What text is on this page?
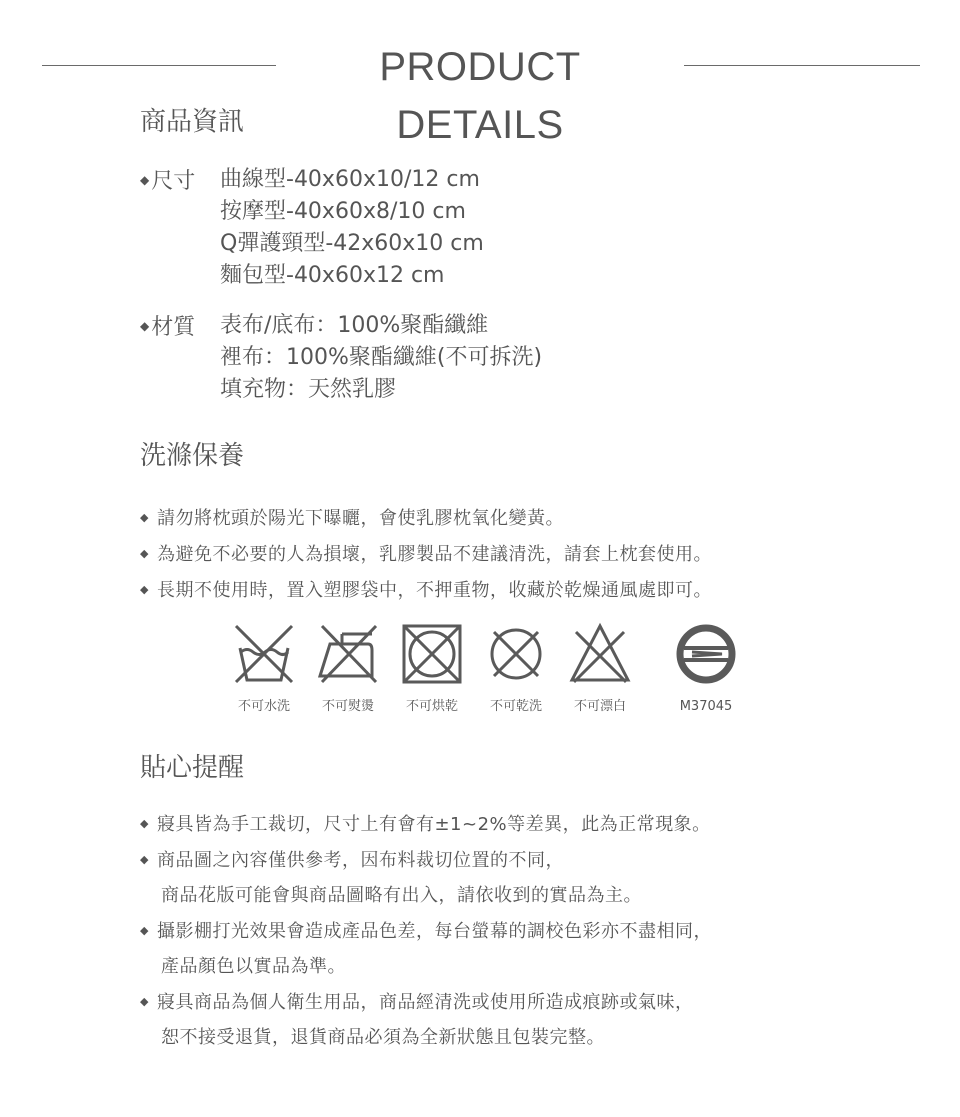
PRODUCT DETAILS
商品資訊
◆尺寸	曲線型-40x60x10/12 cm
按摩型-40x60x8/10 cm
Q彈護頸型-42x60x10 cm
麵包型-40x60x12 cm
◆材質	表布/底布：100%聚酯纖維
裡布：100%聚酯纖維(不可拆洗)
填充物：天然乳膠
洗滌保養
◆ 請勿將枕頭於陽光下曝曬，會使乳膠枕氧化變黃。
◆ 為避免不必要的人為損壞，乳膠製品不建議清洗，請套上枕套使用。
◆ 長期不使用時，置入塑膠袋中，不押重物，收藏於乾燥通風處即可。
不可水洗	不可熨燙	不可烘乾	不可乾洗	不可漂白	M37045
貼心提醒
◆ 寢具皆為手工裁切，尺寸上有會有±1~2%等差異，此為正常現象。
◆ 商品圖之內容僅供參考，因布料裁切位置的不同，
商品花版可能會與商品圖略有出入，請依收到的實品為主。
◆ 攝影棚打光效果會造成產品色差，每台螢幕的調校色彩亦不盡相同，
產品顏色以實品為準。
◆ 寢具商品為個人衛生用品，商品經清洗或使用所造成痕跡或氣味，
恕不接受退貨，退貨商品必須為全新狀態且包裝完整。
